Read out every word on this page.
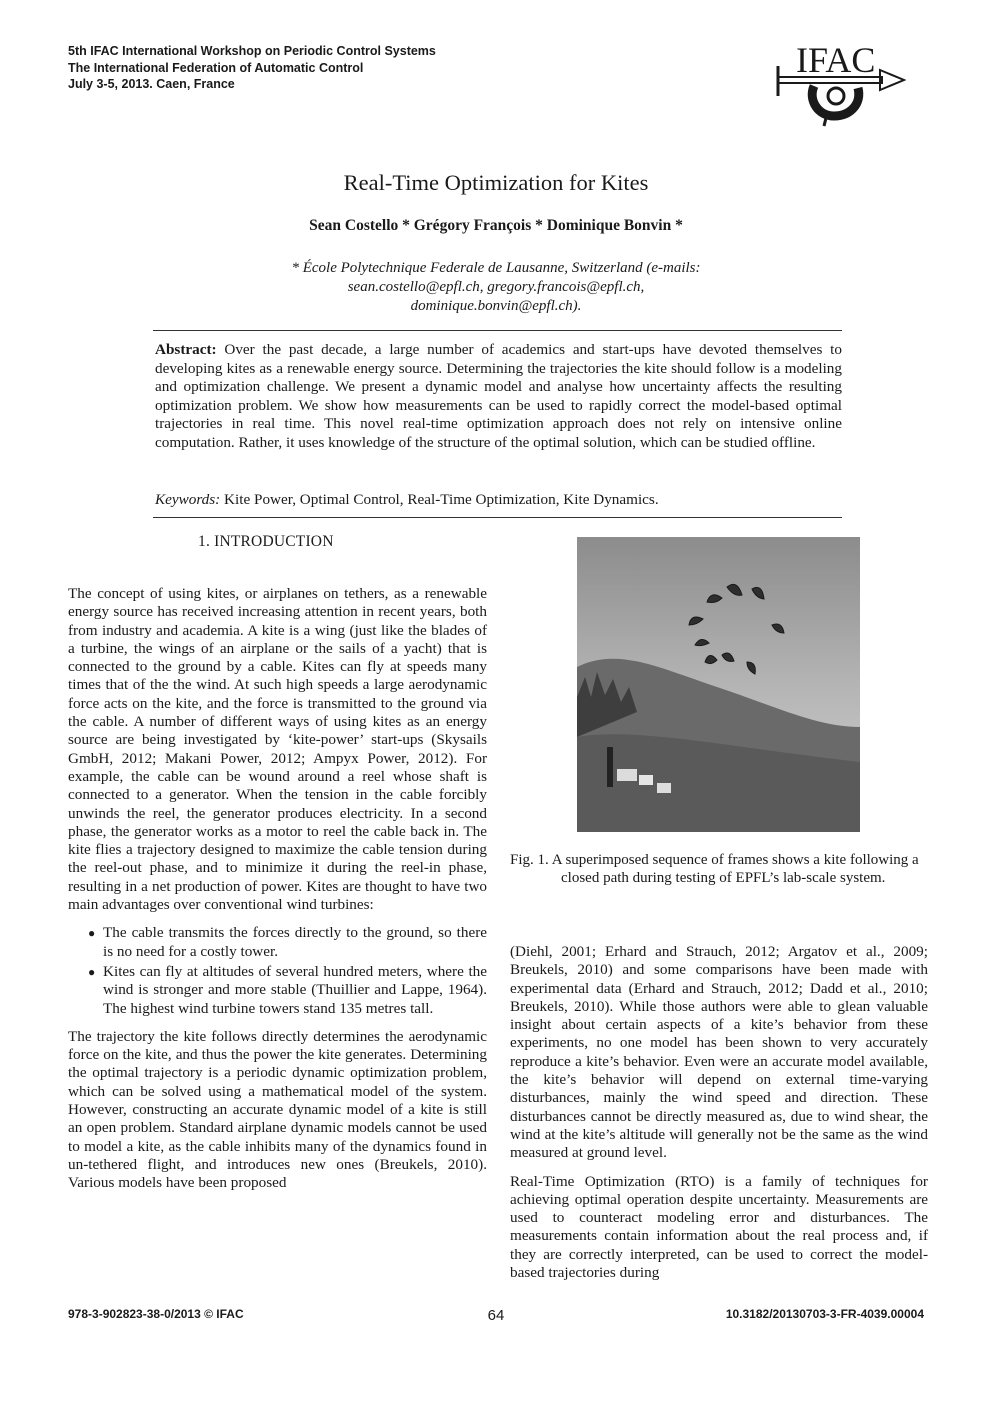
5th IFAC International Workshop on Periodic Control Systems
The International Federation of Automatic Control
July 3-5, 2013. Caen, France
IFAC
Real-Time Optimization for Kites
Sean Costello * Grégory François * Dominique Bonvin *
* École Polytechnique Federale de Lausanne, Switzerland (e-mails:
sean.costello@epfl.ch, gregory.francois@epfl.ch,
dominique.bonvin@epfl.ch).
Abstract: Over the past decade, a large number of academics and start-ups have devoted themselves to developing kites as a renewable energy source. Determining the trajectories the kite should follow is a modeling and optimization challenge. We present a dynamic model and analyse how uncertainty affects the resulting optimization problem. We show how measurements can be used to rapidly correct the model-based optimal trajectories in real time. This novel real-time optimization approach does not rely on intensive online computation. Rather, it uses knowledge of the structure of the optimal solution, which can be studied offline.
Keywords: Kite Power, Optimal Control, Real-Time Optimization, Kite Dynamics.
1. INTRODUCTION

The concept of using kites, or airplanes on tethers, as a renewable energy source has received increasing attention in recent years, both from industry and academia. A kite is a wing (just like the blades of a turbine, the wings of an airplane or the sails of a yacht) that is connected to the ground by a cable. Kites can fly at speeds many times that of the the wind. At such high speeds a large aerodynamic force acts on the kite, and the force is transmitted to the ground via the cable. A number of different ways of using kites as an energy source are being investigated by ‘kite-power’ start-ups (Skysails GmbH, 2012; Makani Power, 2012; Ampyx Power, 2012). For example, the cable can be wound around a reel whose shaft is connected to a generator. When the tension in the cable forcibly unwinds the reel, the generator produces electricity. In a second phase, the generator works as a motor to reel the cable back in. The kite flies a trajectory designed to maximize the cable tension during the reel-out phase, and to minimize it during the reel-in phase, resulting in a net production of power. Kites are thought to have two main advantages over conventional wind turbines:

● The cable transmits the forces directly to the ground, so there is no need for a costly tower.
● Kites can fly at altitudes of several hundred meters, where the wind is stronger and more stable (Thuillier and Lappe, 1964). The highest wind turbine towers stand 135 metres tall.

The trajectory the kite follows directly determines the aerodynamic force on the kite, and thus the power the kite generates. Determining the optimal trajectory is a periodic dynamic optimization problem, which can be solved using a mathematical model of the system. However, constructing an accurate dynamic model of a kite is still an open problem. Standard airplane dynamic models cannot be used to model a kite, as the cable inhibits many of the dynamics found in un-tethered flight, and introduces new ones (Breukels, 2010). Various models have been proposed

Fig. 1. A superimposed sequence of frames shows a kite following a closed path during testing of EPFL’s lab-scale system.

(Diehl, 2001; Erhard and Strauch, 2012; Argatov et al., 2009; Breukels, 2010) and some comparisons have been made with experimental data (Erhard and Strauch, 2012; Dadd et al., 2010; Breukels, 2010). While those authors were able to glean valuable insight about certain aspects of a kite’s behavior from these experiments, no one model has been shown to very accurately reproduce a kite’s behavior. Even were an accurate model available, the kite’s behavior will depend on external time-varying disturbances, mainly the wind speed and direction. These disturbances cannot be directly measured as, due to wind shear, the wind at the kite’s altitude will generally not be the same as the wind measured at ground level.

Real-Time Optimization (RTO) is a family of techniques for achieving optimal operation despite uncertainty. Measurements are used to counteract modeling error and disturbances. The measurements contain information about the real process and, if they are correctly interpreted, can be used to correct the model-based trajectories during

978-3-902823-38-0/2013 © IFAC	64	10.3182/20130703-3-FR-4039.00004
